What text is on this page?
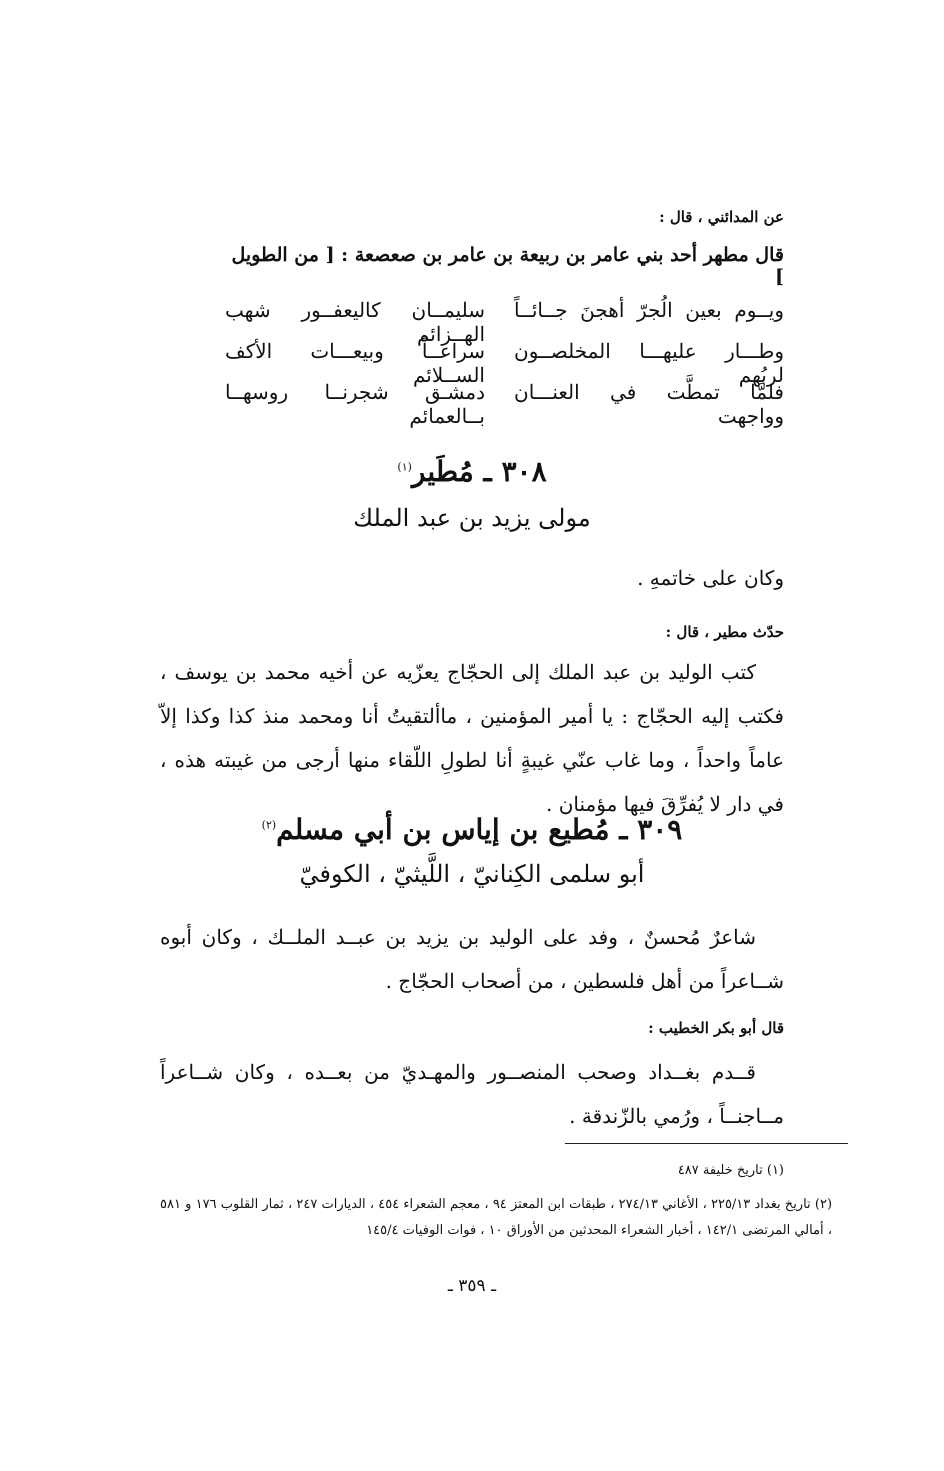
عن المدائني ، قال :
قال مطهر أحد بني عامر بن ربيعة بن عامر بن صعصعة : [ من الطويل ]
ويــوم بعين الُجرّ أهجنَ جــائــاً
سليمــان كاليعفــور شهب الهــزائم
وطـــار عليهـــا المخلصــون لربُهم
سراعــاً وبيعـــات الأكف الســلائم
فلمَّا تمطَّت في العنـــان وواجهت
دمشـق شجرنــا روسهــا بــالعمائم
٣٠٨ ـ مُطَير$^{(١)}$
مولى يزيد بن عبد الملك
وكان على خاتمهِ .
حدّث مطير ، قال :
كتب الوليد بن عبد الملك إلى الحجّاج يعزّيه عن أخيه محمد بن يوسف ، فكتب إليه الحجّاج : يا أمير المؤمنين ، ماألتقيتُ أنا ومحمد منذ كذا وكذا إلاّ عاماً واحداً ، وما غاب عنّي غيبةٍ أنا لطولِ اللّقاء منها أرجى من غيبته هذه ، في دار لا يُفرِّقَ فيها مؤمنان .
٣٠٩ ـ مُطيع بن إياس بن أبي مسلم$^{(٢)}$
أبو سلمى الكِنانيّ ، اللَّيثيّ ، الكوفيّ
شاعرٌ مُحسنٌ ، وفد على الوليد بن يزيد بن عبــد الملــك ، وكان أبوه شــاعراً من أهل فلسطين ، من أصحاب الحجّاج .
قال أبو بكر الخطيب :
قــدم بغــداد وصحب المنصــور والمهـديّ من بعــده ، وكان شــاعراً مــاجنــاً ، ورُمي بالزّندقة .
(١) تاريخ خليفة ٤٨٧
(٢) تاريخ بغداد ٢٢٥/١٣ ، الأغاني ٢٧٤/١٣ ، طبقات ابن المعتز ٩٤ ، معجم الشعراء ٤٥٤ ، الديارات ٢٤٧ ، ثمار القلوب ١٧٦ و ٥٨١ ، أمالي المرتضى ١٤٢/١ ، أخبار الشعراء المحدثين من الأوراق ١٠ ، فوات الوفيات ١٤٥/٤
ـ ٣٥٩ ـ
